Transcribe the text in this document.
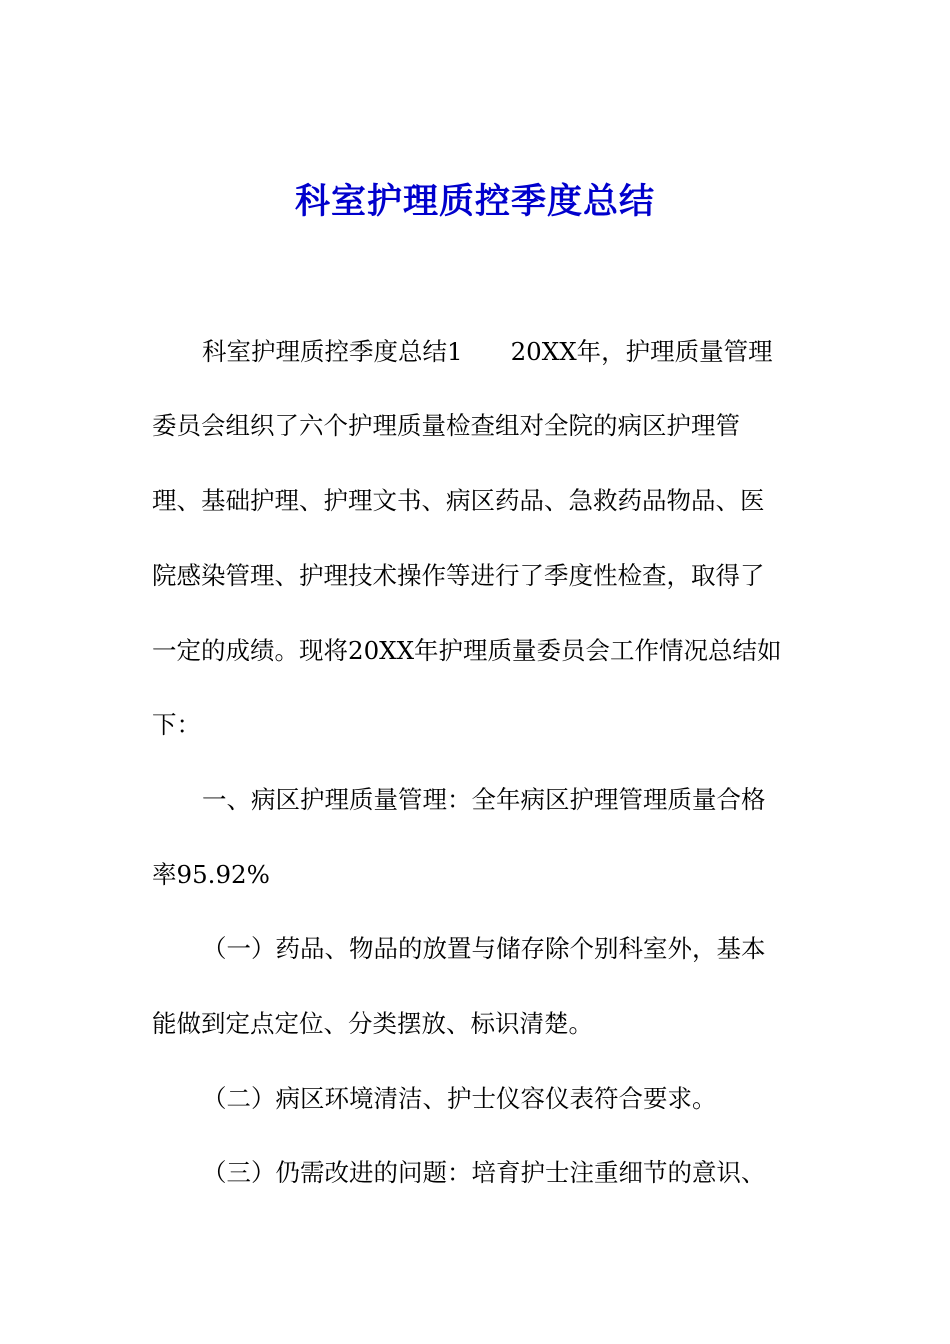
科室护理质控季度总结
科室护理质控季度总结1 20XX年，护理质量管理
委员会组织了六个护理质量检查组对全院的病区护理管
理、基础护理、护理文书、病区药品、急救药品物品、医
院感染管理、护理技术操作等进行了季度性检查，取得了
一定的成绩。现将20XX年护理质量委员会工作情况总结如
下：
一、病区护理质量管理：全年病区护理管理质量合格
率95.92%
（一）药品、物品的放置与储存除个别科室外，基本
能做到定点定位、分类摆放、标识清楚。
（二）病区环境清洁、护士仪容仪表符合要求。
（三）仍需改进的问题：培育护士注重细节的意识、
